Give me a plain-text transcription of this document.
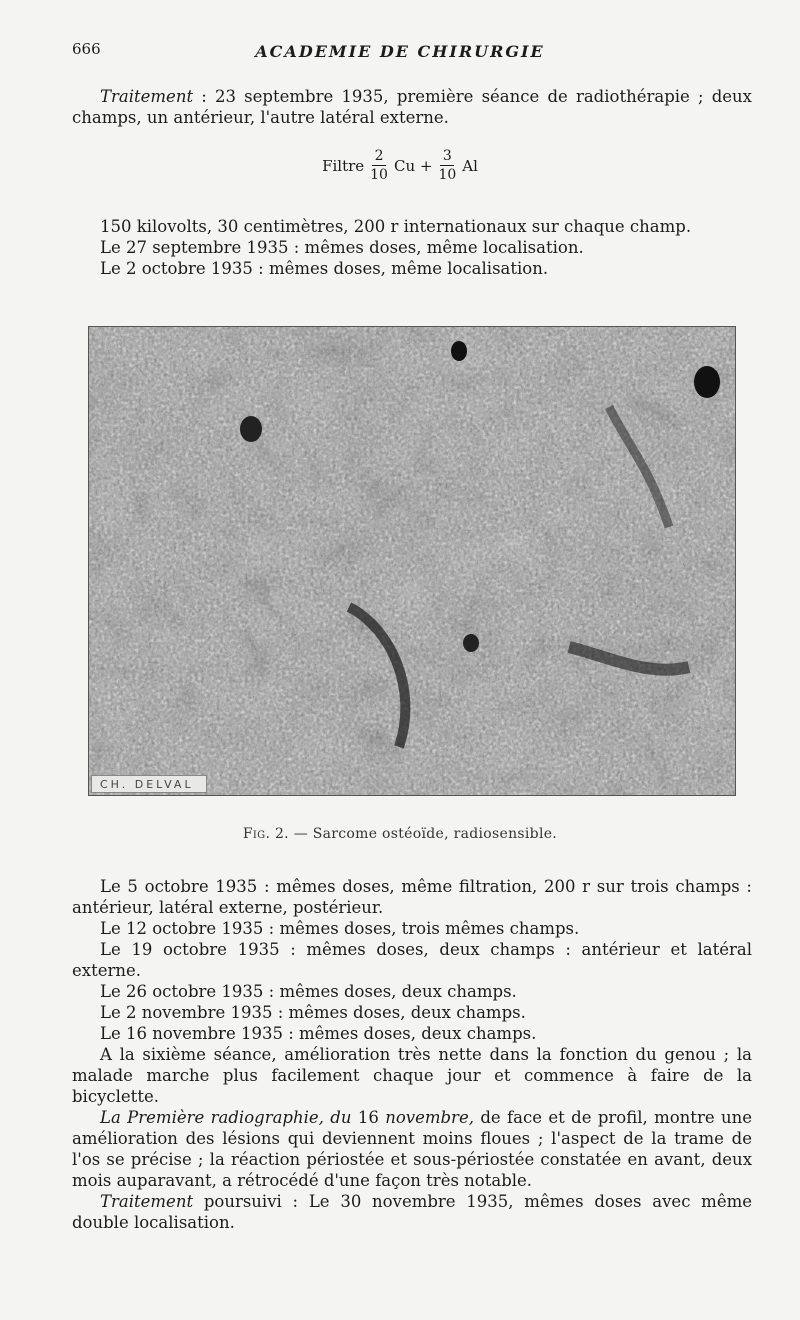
666	ACADEMIE DE CHIRURGIE

Traitement : 23 septembre 1935, première séance de radiothérapie ; deux champs, un antérieur, l'autre latéral externe.

Filtre $\frac{2}{10}$ $Cu + \frac{3}{10}$ Al

150 kilovolts, 30 centimètres, 200 r internationaux sur chaque champ.

Le 27 septembre 1935 : mêmes doses, même localisation.

Le 2 octobre 1935 : mêmes doses, même localisation.

CH. DELVAL
Fig. 2. — Sarcome ostéoïde, radiosensible.

Le 5 octobre 1935 : mêmes doses, même filtration, 200 r sur trois champs : antérieur, latéral externe, postérieur.

Le 12 octobre 1935 : mêmes doses, trois mêmes champs.

Le 19 octobre 1935 : mêmes doses, deux champs : antérieur et latéral externe.

Le 26 octobre 1935 : mêmes doses, deux champs.

Le 2 novembre 1935 : mêmes doses, deux champs.

Le 16 novembre 1935 : mêmes doses, deux champs.

A la sixième séance, amélioration très nette dans la fonction du genou ; la malade marche plus facilement chaque jour et commence à faire de la bicyclette.

La Première radiographie, du 16 novembre, de face et de profil, montre une amélioration des lésions qui deviennent moins floues ; l'aspect de la trame de l'os se précise ; la réaction périostée et sous-périostée constatée en avant, deux mois auparavant, a rétrocédé d'une façon très notable.

Traitement poursuivi : Le 30 novembre 1935, mêmes doses avec même double localisation.
